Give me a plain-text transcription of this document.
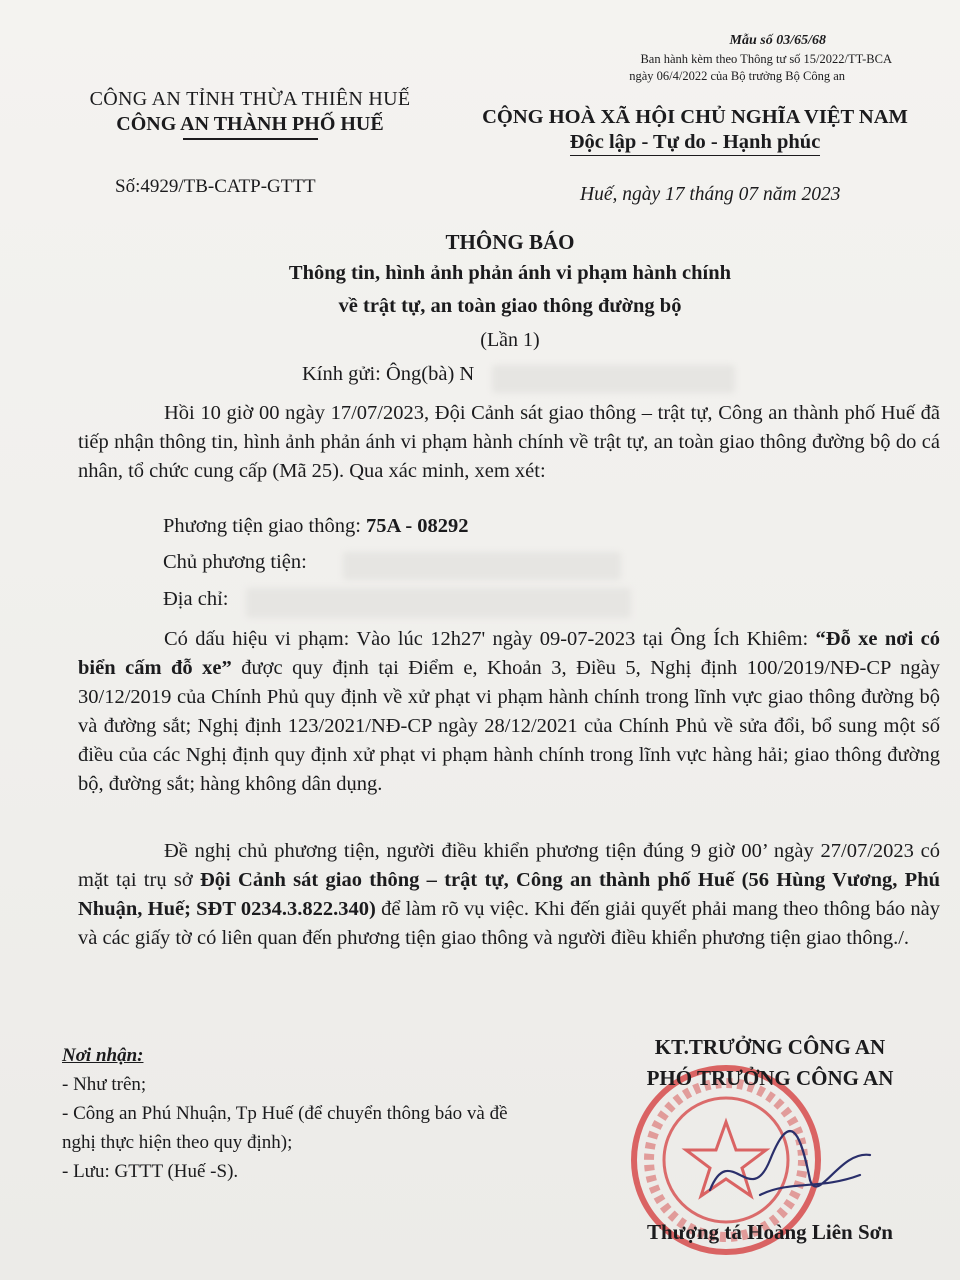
Mẫu số 03/65/68
Ban hành kèm theo Thông tư số 15/2022/TT-BCA
ngày 06/4/2022 của Bộ trưởng Bộ Công an
CÔNG AN TỈNH THỪA THIÊN HUẾ
CÔNG AN THÀNH PHỐ HUẾ
Số:4929/TB-CATP-GTTT
CỘNG HOÀ XÃ HỘI CHỦ NGHĨA VIỆT NAM
Độc lập - Tự do - Hạnh phúc
Huế, ngày 17 tháng 07 năm 2023
THÔNG BÁO
Thông tin, hình ảnh phản ánh vi phạm hành chính
về trật tự, an toàn giao thông đường bộ
(Lần 1)
Kính gửi: Ông(bà) N

Hồi 10 giờ 00 ngày 17/07/2023, Đội Cảnh sát giao thông – trật tự, Công an thành phố Huế đã tiếp nhận thông tin, hình ảnh phản ánh vi phạm hành chính về trật tự, an toàn giao thông đường bộ do cá nhân, tổ chức cung cấp (Mã 25). Qua xác minh, xem xét:

Phương tiện giao thông: 75A - 08292
Chủ phương tiện:
Địa chỉ:

Có dấu hiệu vi phạm: Vào lúc 12h27' ngày 09-07-2023 tại Ông Ích Khiêm: “Đỗ xe nơi có biển cấm đỗ xe” được quy định tại Điểm e, Khoản 3, Điều 5, Nghị định 100/2019/NĐ-CP ngày 30/12/2019 của Chính Phủ quy định về xử phạt vi phạm hành chính trong lĩnh vực giao thông đường bộ và đường sắt; Nghị định 123/2021/NĐ-CP ngày 28/12/2021 của Chính Phủ về sửa đổi, bổ sung một số điều của các Nghị định quy định xử phạt vi phạm hành chính trong lĩnh vực hàng hải; giao thông đường bộ, đường sắt; hàng không dân dụng.

Đề nghị chủ phương tiện, người điều khiển phương tiện đúng 9 giờ 00’ ngày 27/07/2023 có mặt tại trụ sở Đội Cảnh sát giao thông – trật tự, Công an thành phố Huế (56 Hùng Vương, Phú Nhuận, Huế; SĐT 0234.3.822.340) để làm rõ vụ việc. Khi đến giải quyết phải mang theo thông báo này và các giấy tờ có liên quan đến phương tiện giao thông và người điều khiển phương tiện giao thông./.

Nơi nhận:
- Như trên;
- Công an Phú Nhuận, Tp Huế (để chuyển thông báo và đề nghị thực hiện theo quy định);
- Lưu: GTTT (Huế -S).
KT.TRƯỞNG CÔNG AN
PHÓ TRƯỞNG CÔNG AN
Thượng tá Hoàng Liên Sơn
